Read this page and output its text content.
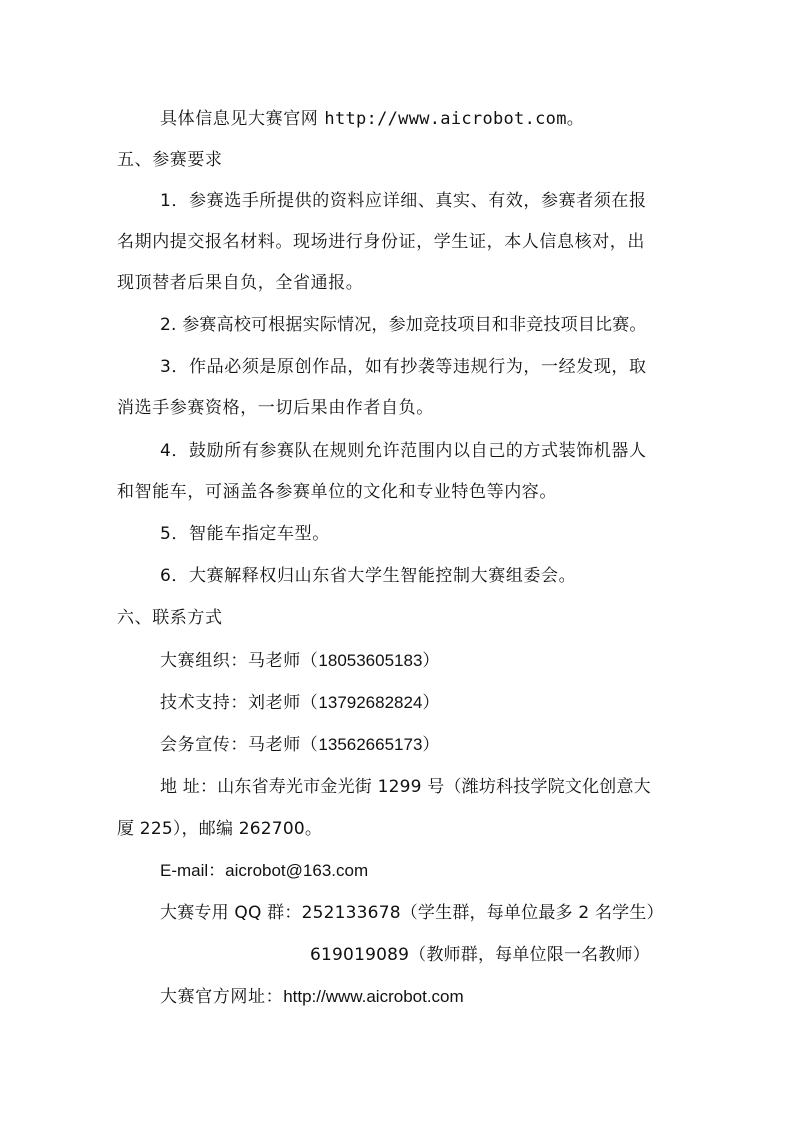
具体信息见大赛官网 http://www.aicrobot.com。
五、参赛要求
1．参赛选手所提供的资料应详细、真实、有效，参赛者须在报
名期内提交报名材料。现场进行身份证，学生证，本人信息核对，出
现顶替者后果自负，全省通报。
2. 参赛高校可根据实际情况，参加竞技项目和非竞技项目比赛。
3．作品必须是原创作品，如有抄袭等违规行为，一经发现，取
消选手参赛资格，一切后果由作者自负。
4．鼓励所有参赛队在规则允许范围内以自己的方式装饰机器人
和智能车，可涵盖各参赛单位的文化和专业特色等内容。
5．智能车指定车型。
6．大赛解释权归山东省大学生智能控制大赛组委会。
六、联系方式
大赛组织：马老师（18053605183）
技术支持：刘老师（13792682824）
会务宣传：马老师（13562665173）
地 址：山东省寿光市金光街 1299 号（潍坊科技学院文化创意大
厦 225），邮编 262700。
E-mail：aicrobot@163.com
大赛专用 QQ 群：252133678（学生群，每单位最多 2 名学生）
619019089（教师群，每单位限一名教师）
大赛官方网址：http://www.aicrobot.com
